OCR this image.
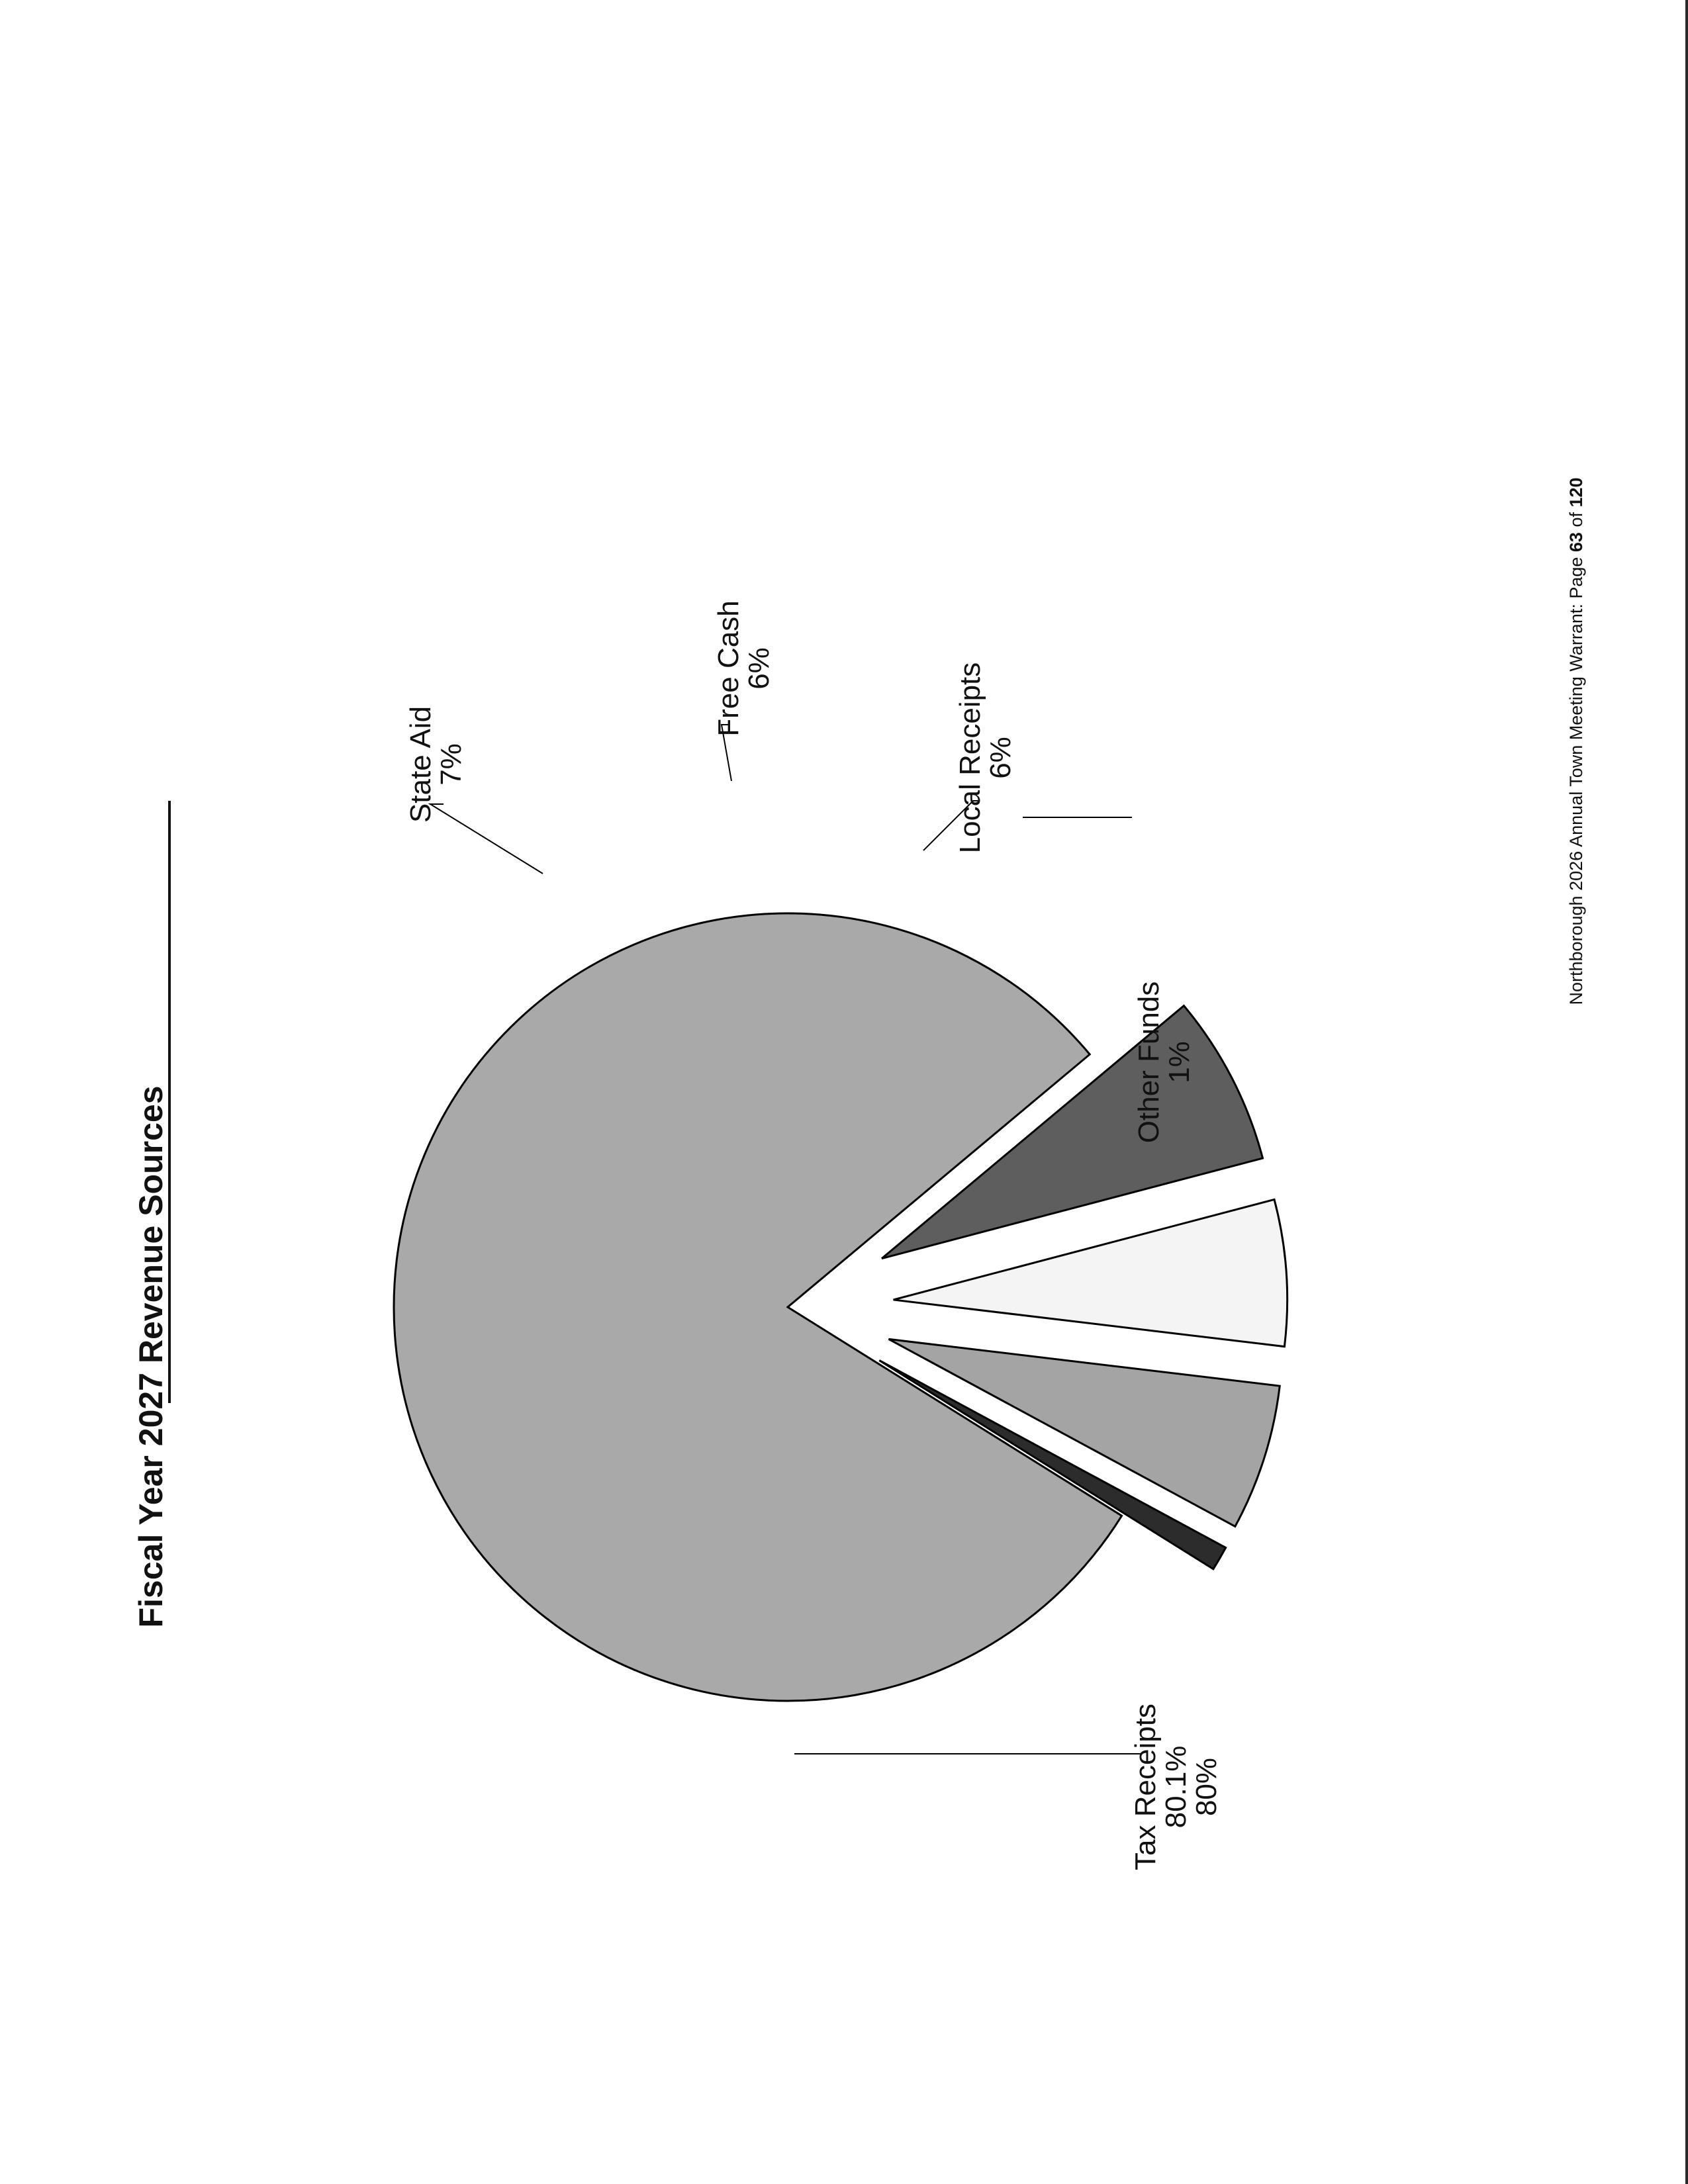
Fiscal Year 2027 Revenue Sources
Tax Receipts
80.1%
80%
State Aid
7%
Free Cash
6%	Local Receipts
6%
Other Funds
1%
Northborough 2026 Annual Town Meeting Warrant: Page 63 of 120
